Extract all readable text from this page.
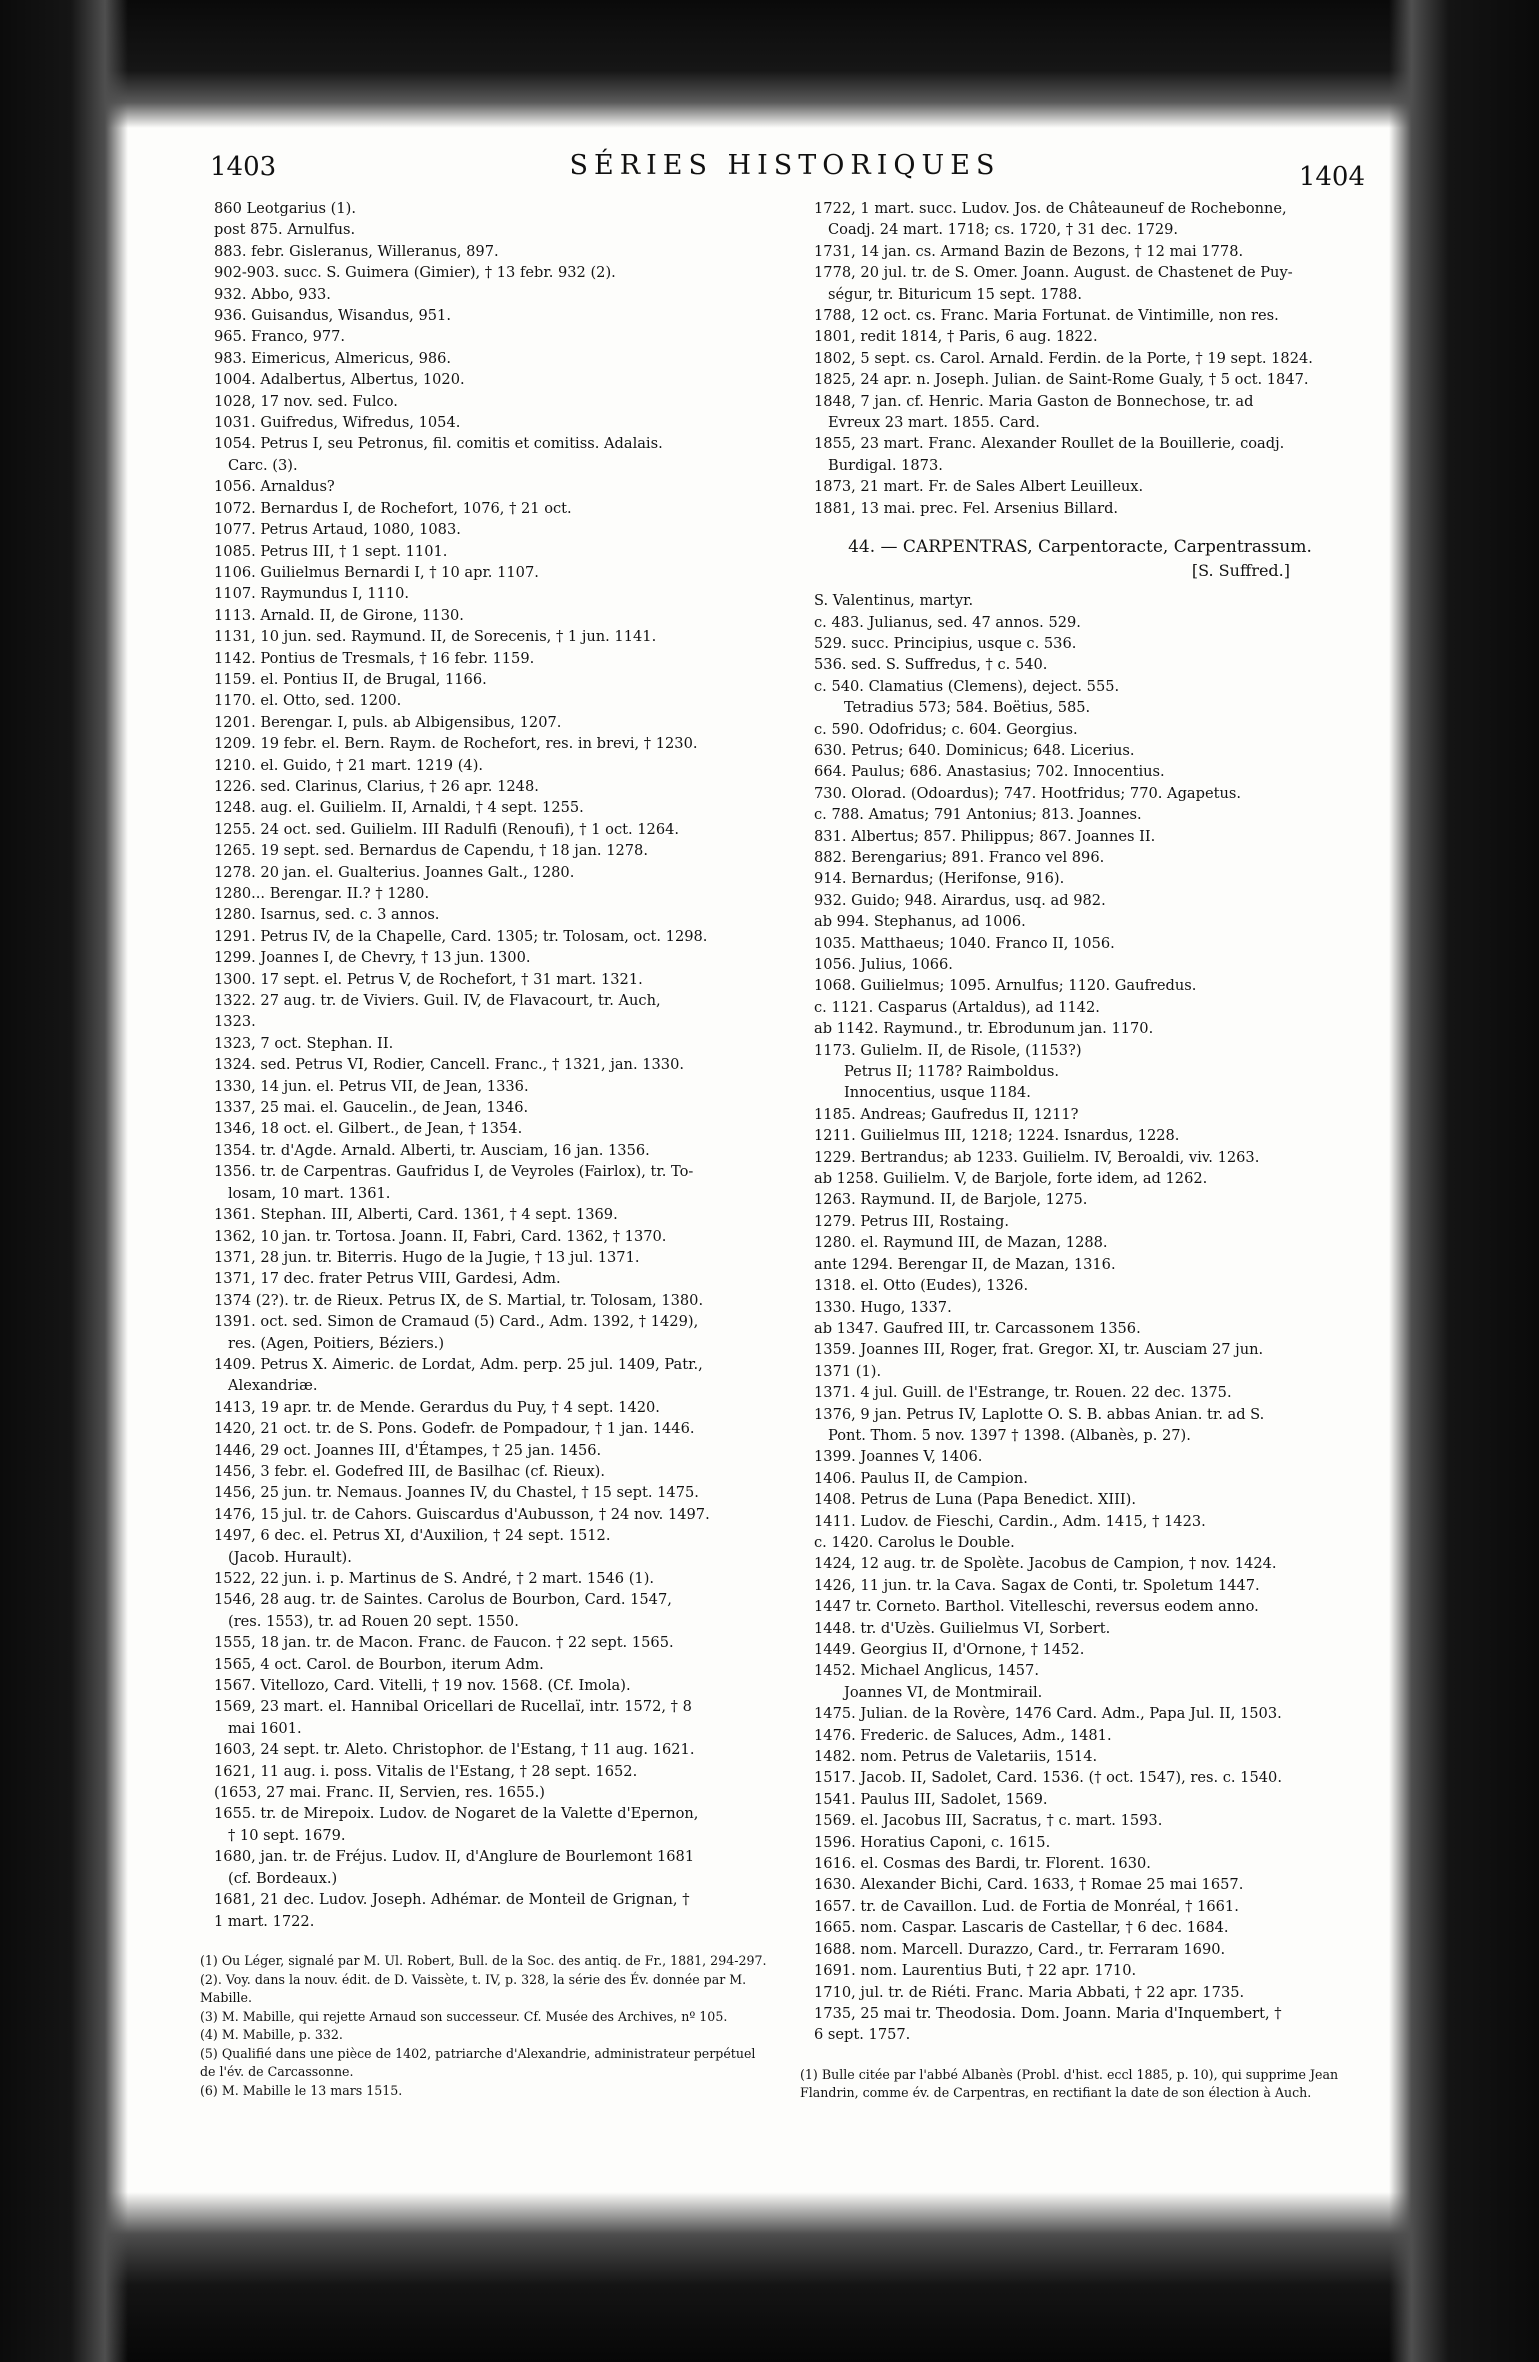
1403	SÉRIES HISTORIQUES	1404
860 Leotgarius (1).
post 875. Arnulfus.
883. febr. Gisleranus, Willeranus, 897.
902-903. succ. S. Guimera (Gimier), † 13 febr. 932 (2).
932. Abbo, 933.
936. Guisandus, Wisandus, 951.
965. Franco, 977.
983. Eimericus, Almericus, 986.
1004. Adalbertus, Albertus, 1020.
1028, 17 nov. sed. Fulco.
1031. Guifredus, Wifredus, 1054.
1054. Petrus I, seu Petronus, fil. comitis et comitiss. Adalais.
Carc. (3).
1056. Arnaldus?
1072. Bernardus I, de Rochefort, 1076, † 21 oct.
1077. Petrus Artaud, 1080, 1083.
1085. Petrus III, † 1 sept. 1101.
1106. Guilielmus Bernardi I, † 10 apr. 1107.
1107. Raymundus I, 1110.
1113. Arnald. II, de Girone, 1130.
1131, 10 jun. sed. Raymund. II, de Sorecenis, † 1 jun. 1141.
1142. Pontius de Tresmals, † 16 febr. 1159.
1159. el. Pontius II, de Brugal, 1166.
1170. el. Otto, sed. 1200.
1201. Berengar. I, puls. ab Albigensibus, 1207.
1209. 19 febr. el. Bern. Raym. de Rochefort, res. in brevi, † 1230.
1210. el. Guido, † 21 mart. 1219 (4).
1226. sed. Clarinus, Clarius, † 26 apr. 1248.
1248. aug. el. Guilielm. II, Arnaldi, † 4 sept. 1255.
1255. 24 oct. sed. Guilielm. III Radulfi (Renoufi), † 1 oct. 1264.
1265. 19 sept. sed. Bernardus de Capendu, † 18 jan. 1278.
1278. 20 jan. el. Gualterius. Joannes Galt., 1280.
1280... Berengar. II.? † 1280.
1280. Isarnus, sed. c. 3 annos.
1291. Petrus IV, de la Chapelle, Card. 1305; tr. Tolosam, oct. 1298.
1299. Joannes I, de Chevry, † 13 jun. 1300.
1300. 17 sept. el. Petrus V, de Rochefort, † 31 mart. 1321.
1322. 27 aug. tr. de Viviers. Guil. IV, de Flavacourt, tr. Auch,
1323.
1323, 7 oct. Stephan. II.
1324. sed. Petrus VI, Rodier, Cancell. Franc., † 1321, jan. 1330.
1330, 14 jun. el. Petrus VII, de Jean, 1336.
1337, 25 mai. el. Gaucelin., de Jean, 1346.
1346, 18 oct. el. Gilbert., de Jean, † 1354.
1354. tr. d'Agde. Arnald. Alberti, tr. Ausciam, 16 jan. 1356.
1356. tr. de Carpentras. Gaufridus I, de Veyroles (Fairlox), tr. To-
losam, 10 mart. 1361.
1361. Stephan. III, Alberti, Card. 1361, † 4 sept. 1369.
1362, 10 jan. tr. Tortosa. Joann. II, Fabri, Card. 1362, † 1370.
1371, 28 jun. tr. Biterris. Hugo de la Jugie, † 13 jul. 1371.
1371, 17 dec. frater Petrus VIII, Gardesi, Adm.
1374 (2?). tr. de Rieux. Petrus IX, de S. Martial, tr. Tolosam, 1380.
1391. oct. sed. Simon de Cramaud (5) Card., Adm. 1392, † 1429),
res. (Agen, Poitiers, Béziers.)
1409. Petrus X. Aimeric. de Lordat, Adm. perp. 25 jul. 1409, Patr.,
Alexandriæ.
1413, 19 apr. tr. de Mende. Gerardus du Puy, † 4 sept. 1420.
1420, 21 oct. tr. de S. Pons. Godefr. de Pompadour, † 1 jan. 1446.
1446, 29 oct. Joannes III, d'Étampes, † 25 jan. 1456.
1456, 3 febr. el. Godefred III, de Basilhac (cf. Rieux).
1456, 25 jun. tr. Nemaus. Joannes IV, du Chastel, † 15 sept. 1475.
1476, 15 jul. tr. de Cahors. Guiscardus d'Aubusson, † 24 nov. 1497.
1497, 6 dec. el. Petrus XI, d'Auxilion, † 24 sept. 1512.
(Jacob. Hurault).
1522, 22 jun. i. p. Martinus de S. André, † 2 mart. 1546 (1).
1546, 28 aug. tr. de Saintes. Carolus de Bourbon, Card. 1547,
(res. 1553), tr. ad Rouen 20 sept. 1550.
1555, 18 jan. tr. de Macon. Franc. de Faucon. † 22 sept. 1565.
1565, 4 oct. Carol. de Bourbon, iterum Adm.
1567. Vitellozo, Card. Vitelli, † 19 nov. 1568. (Cf. Imola).
1569, 23 mart. el. Hannibal Oricellari de Rucellaï, intr. 1572, † 8
mai 1601.
1603, 24 sept. tr. Aleto. Christophor. de l'Estang, † 11 aug. 1621.
1621, 11 aug. i. poss. Vitalis de l'Estang, † 28 sept. 1652.
(1653, 27 mai. Franc. II, Servien, res. 1655.)
1655. tr. de Mirepoix. Ludov. de Nogaret de la Valette d'Epernon,
† 10 sept. 1679.
1680, jan. tr. de Fréjus. Ludov. II, d'Anglure de Bourlemont 1681
(cf. Bordeaux.)
1681, 21 dec. Ludov. Joseph. Adhémar. de Monteil de Grignan, †
1 mart. 1722.
(1) Ou Léger, signalé par M. Ul. Robert, Bull. de la Soc. des antiq. de Fr., 1881, 294-297.
(2). Voy. dans la nouv. édit. de D. Vaissète, t. IV, p. 328, la série des Év. donnée par M. Mabille.
(3) M. Mabille, qui rejette Arnaud son successeur. Cf. Musée des Archives, nº 105.
(4) M. Mabille, p. 332.
(5) Qualifié dans une pièce de 1402, patriarche d'Alexandrie, administrateur perpétuel de l'év. de Carcassonne.
(6) M. Mabille le 13 mars 1515.
1722, 1 mart. succ. Ludov. Jos. de Châteauneuf de Rochebonne,
Coadj. 24 mart. 1718; cs. 1720, † 31 dec. 1729.
1731, 14 jan. cs. Armand Bazin de Bezons, † 12 mai 1778.
1778, 20 jul. tr. de S. Omer. Joann. August. de Chastenet de Puy-
ségur, tr. Bituricum 15 sept. 1788.
1788, 12 oct. cs. Franc. Maria Fortunat. de Vintimille, non res.
1801, redit 1814, † Paris, 6 aug. 1822.
1802, 5 sept. cs. Carol. Arnald. Ferdin. de la Porte, † 19 sept. 1824.
1825, 24 apr. n. Joseph. Julian. de Saint-Rome Gualy, † 5 oct. 1847.
1848, 7 jan. cf. Henric. Maria Gaston de Bonnechose, tr. ad
Evreux 23 mart. 1855. Card.
1855, 23 mart. Franc. Alexander Roullet de la Bouillerie, coadj.
Burdigal. 1873.
1873, 21 mart. Fr. de Sales Albert Leuilleux.
1881, 13 mai. prec. Fel. Arsenius Billard.
44. — CARPENTRAS, Carpentoracte, Carpentrassum.
[S. Suffred.]
S. Valentinus, martyr.
c. 483. Julianus, sed. 47 annos. 529.
529. succ. Principius, usque c. 536.
536. sed. S. Suffredus, † c. 540.
c. 540. Clamatius (Clemens), deject. 555.
Tetradius 573; 584. Boëtius, 585.
c. 590. Odofridus; c. 604. Georgius.
630. Petrus; 640. Dominicus; 648. Licerius.
664. Paulus; 686. Anastasius; 702. Innocentius.
730. Olorad. (Odoardus); 747. Hootfridus; 770. Agapetus.
c. 788. Amatus; 791 Antonius; 813. Joannes.
831. Albertus; 857. Philippus; 867. Joannes II.
882. Berengarius; 891. Franco vel 896.
914. Bernardus; (Herifonse, 916).
932. Guido; 948. Airardus, usq. ad 982.
ab 994. Stephanus, ad 1006.
1035. Matthaeus; 1040. Franco II, 1056.
1056. Julius, 1066.
1068. Guilielmus; 1095. Arnulfus; 1120. Gaufredus.
c. 1121. Casparus (Artaldus), ad 1142.
ab 1142. Raymund., tr. Ebrodunum jan. 1170.
1173. Gulielm. II, de Risole, (1153?)
Petrus II; 1178? Raimboldus.
Innocentius, usque 1184.
1185. Andreas; Gaufredus II, 1211?
1211. Guilielmus III, 1218; 1224. Isnardus, 1228.
1229. Bertrandus; ab 1233. Guilielm. IV, Beroaldi, viv. 1263.
ab 1258. Guilielm. V, de Barjole, forte idem, ad 1262.
1263. Raymund. II, de Barjole, 1275.
1279. Petrus III, Rostaing.
1280. el. Raymund III, de Mazan, 1288.
ante 1294. Berengar II, de Mazan, 1316.
1318. el. Otto (Eudes), 1326.
1330. Hugo, 1337.
ab 1347. Gaufred III, tr. Carcassonem 1356.
1359. Joannes III, Roger, frat. Gregor. XI, tr. Ausciam 27 jun.
1371 (1).
1371. 4 jul. Guill. de l'Estrange, tr. Rouen. 22 dec. 1375.
1376, 9 jan. Petrus IV, Laplotte O. S. B. abbas Anian. tr. ad S.
Pont. Thom. 5 nov. 1397 † 1398. (Albanès, p. 27).
1399. Joannes V, 1406.
1406. Paulus II, de Campion.
1408. Petrus de Luna (Papa Benedict. XIII).
1411. Ludov. de Fieschi, Cardin., Adm. 1415, † 1423.
c. 1420. Carolus le Double.
1424, 12 aug. tr. de Spolète. Jacobus de Campion, † nov. 1424.
1426, 11 jun. tr. la Cava. Sagax de Conti, tr. Spoletum 1447.
1447 tr. Corneto. Barthol. Vitelleschi, reversus eodem anno.
1448. tr. d'Uzès. Guilielmus VI, Sorbert.
1449. Georgius II, d'Ornone, † 1452.
1452. Michael Anglicus, 1457.
Joannes VI, de Montmirail.
1475. Julian. de la Rovère, 1476 Card. Adm., Papa Jul. II, 1503.
1476. Frederic. de Saluces, Adm., 1481.
1482. nom. Petrus de Valetariis, 1514.
1517. Jacob. II, Sadolet, Card. 1536. († oct. 1547), res. c. 1540.
1541. Paulus III, Sadolet, 1569.
1569. el. Jacobus III, Sacratus, † c. mart. 1593.
1596. Horatius Caponi, c. 1615.
1616. el. Cosmas des Bardi, tr. Florent. 1630.
1630. Alexander Bichi, Card. 1633, † Romae 25 mai 1657.
1657. tr. de Cavaillon. Lud. de Fortia de Monréal, † 1661.
1665. nom. Caspar. Lascaris de Castellar, † 6 dec. 1684.
1688. nom. Marcell. Durazzo, Card., tr. Ferraram 1690.
1691. nom. Laurentius Buti, † 22 apr. 1710.
1710, jul. tr. de Riéti. Franc. Maria Abbati, † 22 apr. 1735.
1735, 25 mai tr. Theodosia. Dom. Joann. Maria d'Inquembert, †
6 sept. 1757.
(1) Bulle citée par l'abbé Albanès (Probl. d'hist. eccl 1885, p. 10), qui supprime Jean Flandrin, comme év. de Carpentras, en rectifiant la date de son élection à Auch.
